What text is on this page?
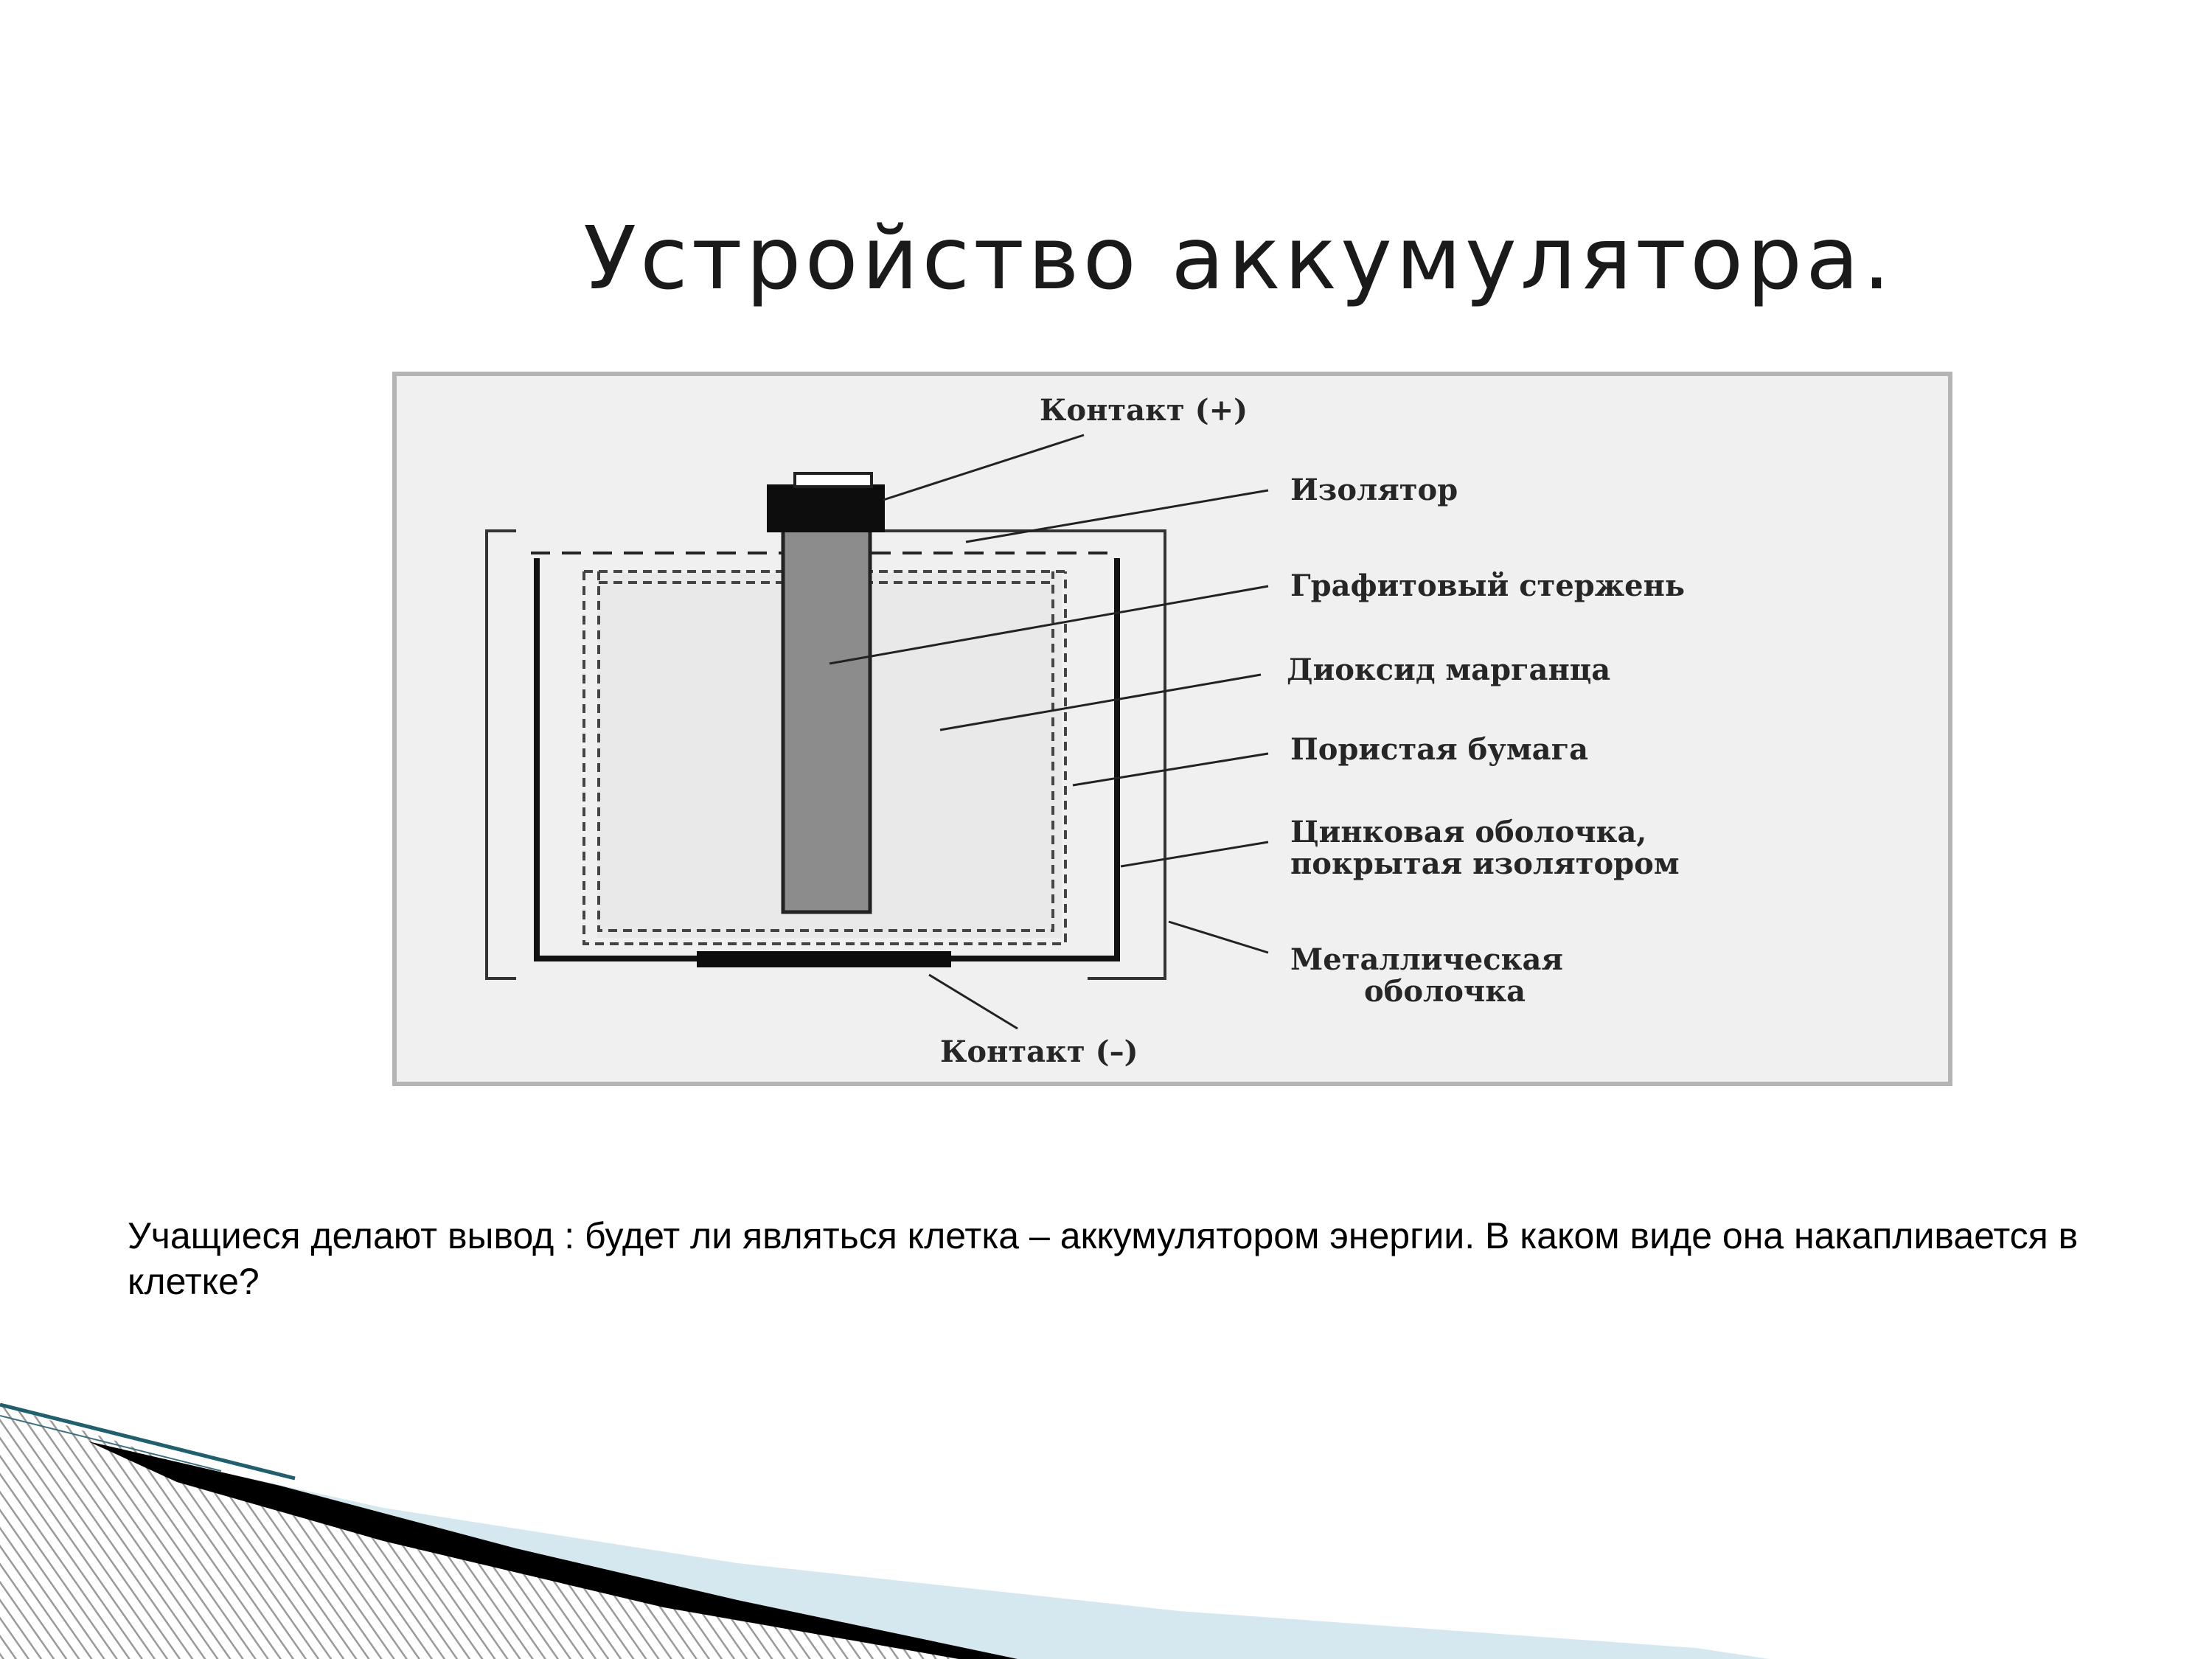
Устройство аккумулятора.
Контакт (+)
Изолятор
Графитовый стержень
Диоксид марганца
Пористая бумага
Цинковая оболочка,
покрытая изолятором
Металлическая
оболочка
Контакт (–)
Учащиеся делают вывод : будет ли являться клетка – аккумулятором энергии. В каком виде она накапливается в клетке?
